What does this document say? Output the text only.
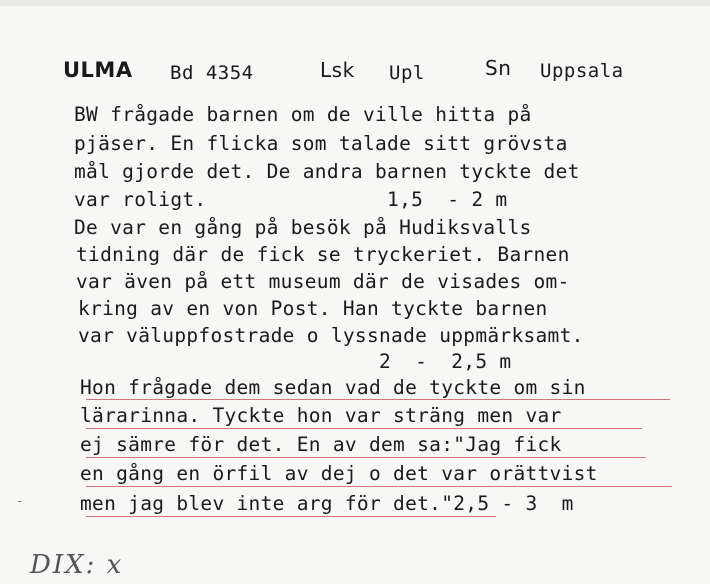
ULMA Bd 4354	Lsk Upl	Sn Uppsala
BW frågade barnen om de ville hitta på
pjäser. En flicka som talade sitt grövsta
mål gjorde det. De andra barnen tyckte det
var roligt.               1,5  - 2 m
De var en gång på besök på Hudiksvalls
tidning där de fick se tryckeriet. Barnen
var även på ett museum där de visades om-
kring av en von Post. Han tyckte barnen
var väluppfostrade o lyssnade uppmärksamt.
2  -  2,5 m
Hon frågade dem sedan vad de tyckte om sin
lärarinna. Tyckte hon var sträng men var
ej sämre för det. En av dem sa:"Jag fick
en gång en örfil av dej o det var orättvist
men jag blev inte arg för det."2,5 - 3  m
-
DIX: x
